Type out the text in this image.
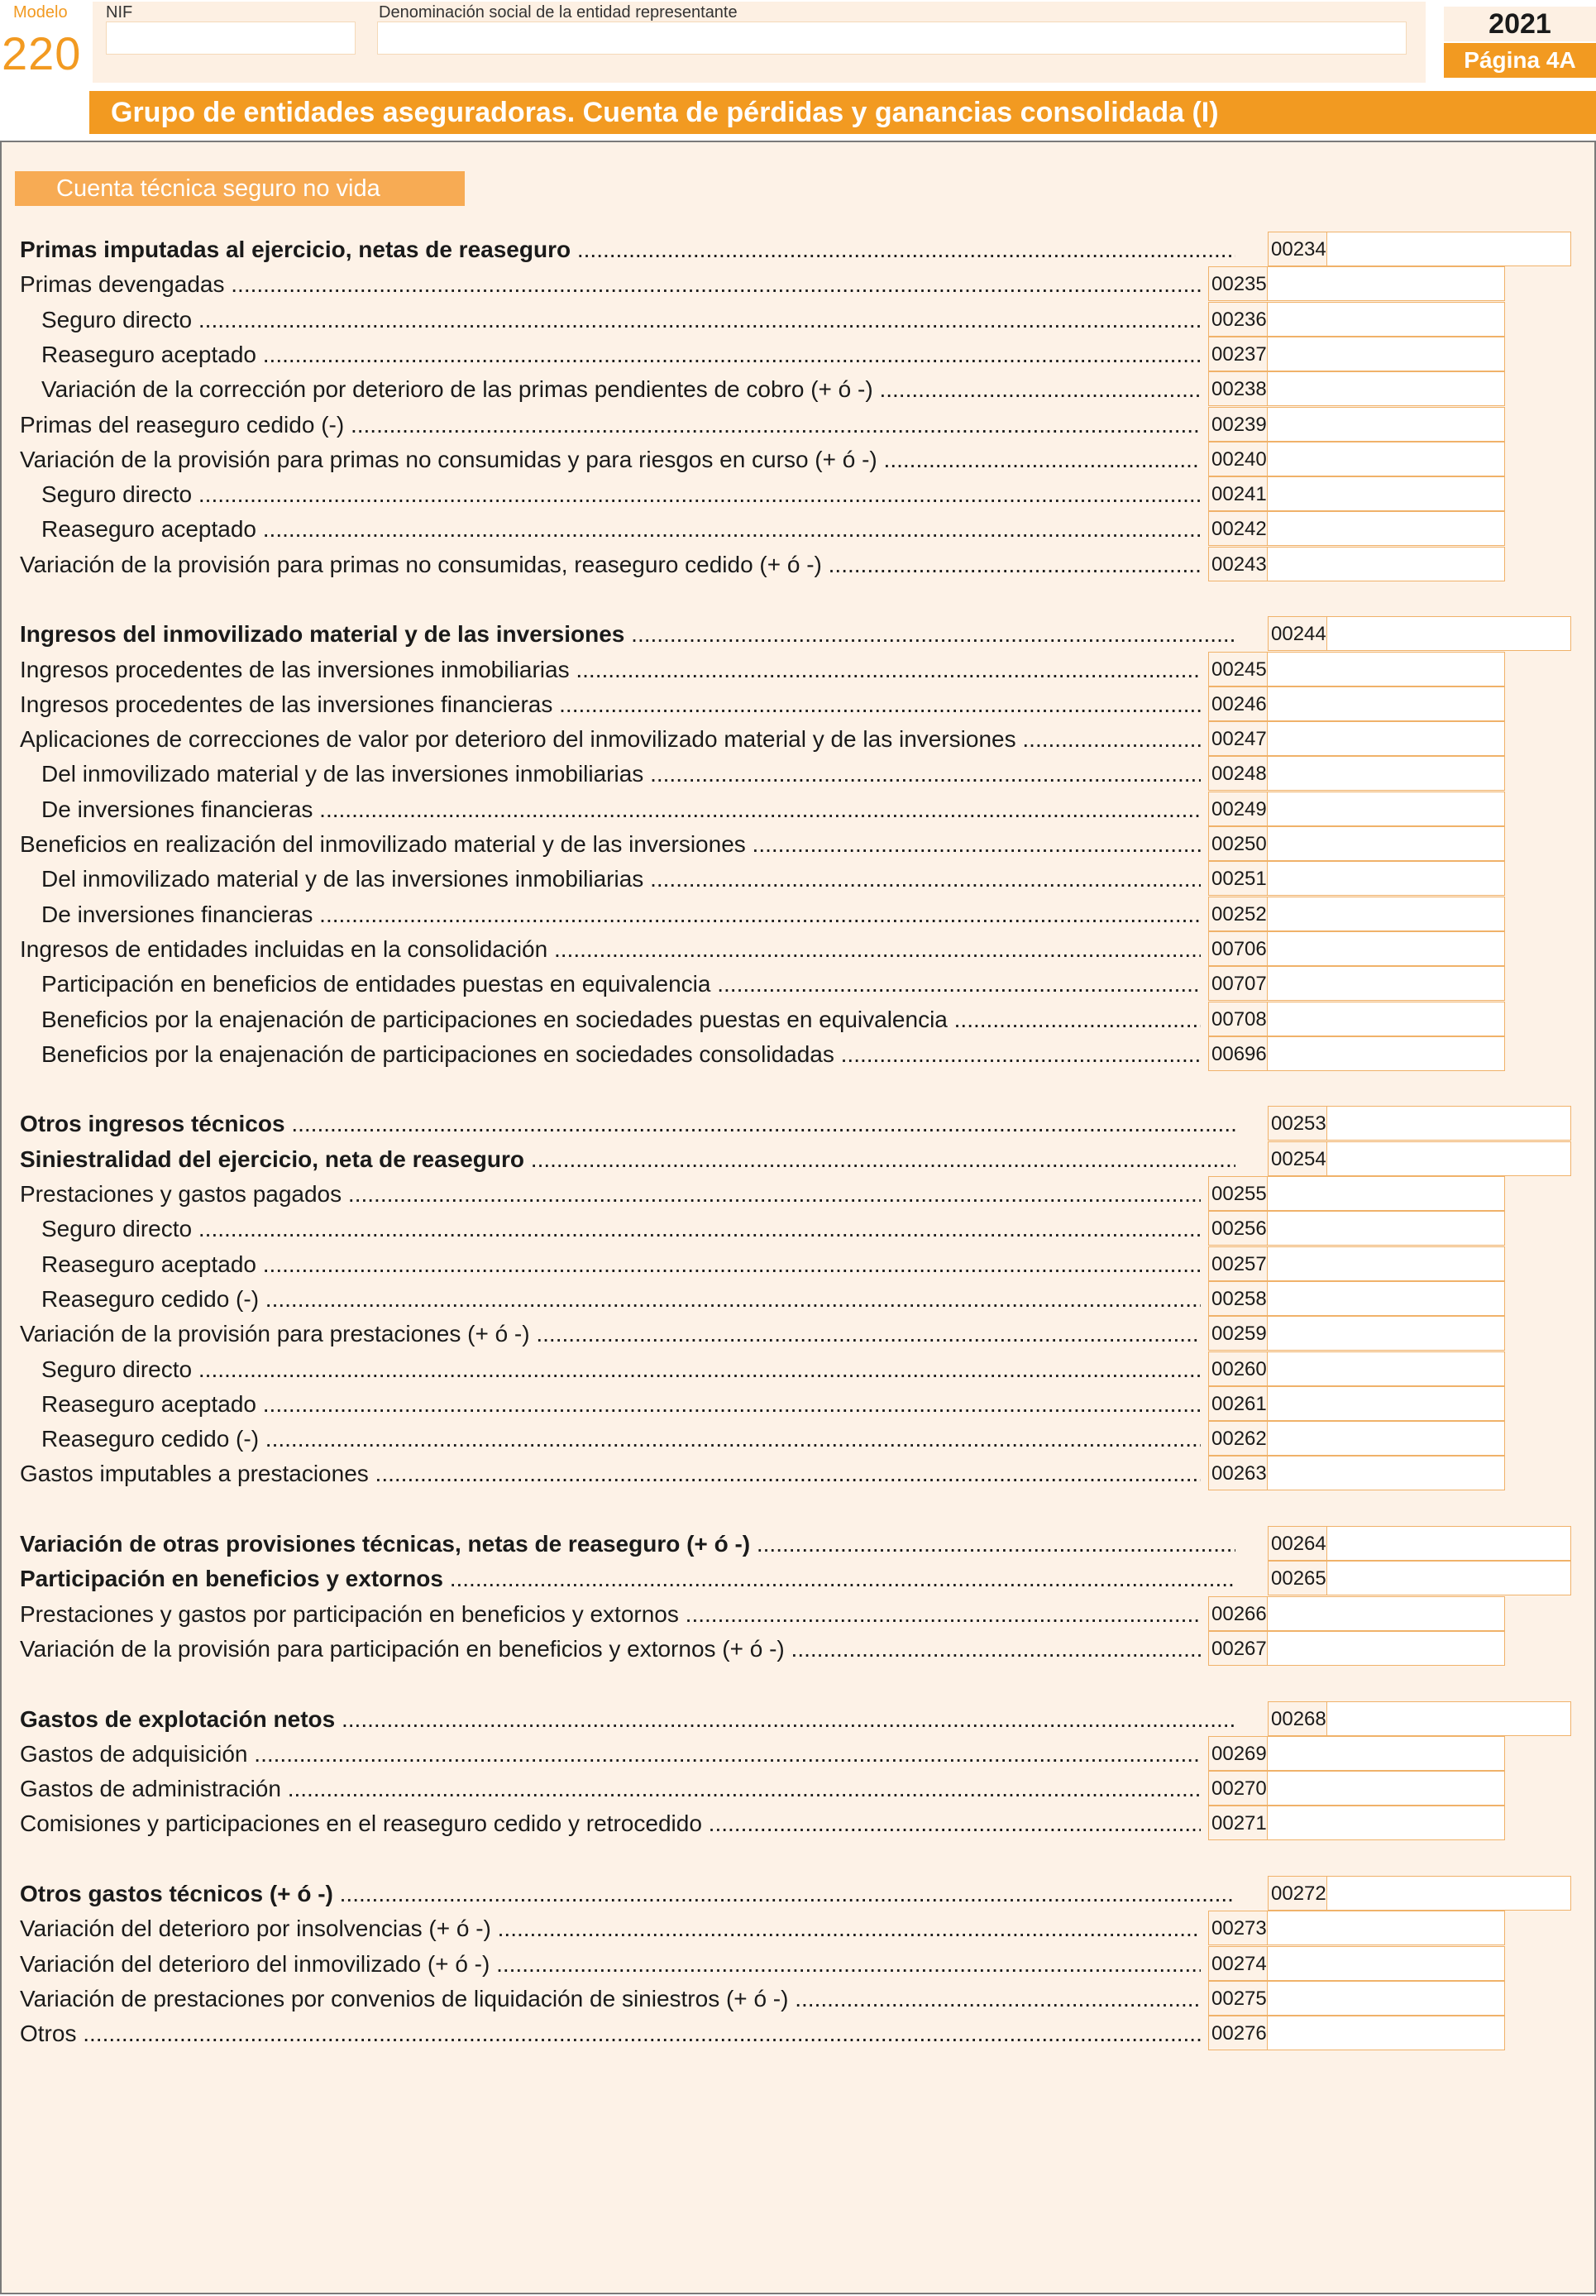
Modelo
220
NIF	Denominación social de la entidad representante	2021
Página 4A
Grupo de entidades aseguradoras. Cuenta de pérdidas y ganancias consolidada (I)
Cuenta técnica seguro no vida
Primas imputadas al ejercicio, netas de reaseguro .....	00234
Primas devengadas .....	00235
Seguro directo .....	00236
Reaseguro aceptado .....	00237
Variación de la corrección por deterioro de las primas pendientes de cobro (+ ó -) .....	00238
Primas del reaseguro cedido (-) .....	00239
Variación de la provisión para primas no consumidas y para riesgos en curso (+ ó -) .....	00240
Seguro directo .....	00241
Reaseguro aceptado .....	00242
Variación de la provisión para primas no consumidas, reaseguro cedido (+ ó -) .....	00243
Ingresos del inmovilizado material y de las inversiones .....	00244
Ingresos procedentes de las inversiones inmobiliarias .....	00245
Ingresos procedentes de las inversiones financieras .....	00246
Aplicaciones de correcciones de valor por deterioro del inmovilizado material y de las inversiones .....	00247
Del inmovilizado material y de las inversiones inmobiliarias .....	00248
De inversiones financieras .....	00249
Beneficios en realización del inmovilizado material y de las inversiones .....	00250
Del inmovilizado material y de las inversiones inmobiliarias .....	00251
De inversiones financieras .....	00252
Ingresos de entidades incluidas en la consolidación .....	00706
Participación en beneficios de entidades puestas en equivalencia .....	00707
Beneficios por la enajenación de participaciones en sociedades puestas en equivalencia .....	00708
Beneficios por la enajenación de participaciones en sociedades consolidadas .....	00696
Otros ingresos técnicos .....	00253
Siniestralidad del ejercicio, neta de reaseguro .....	00254
Prestaciones y gastos pagados .....	00255
Seguro directo .....	00256
Reaseguro aceptado .....	00257
Reaseguro cedido (-) .....	00258
Variación de la provisión para prestaciones (+ ó -) .....	00259
Seguro directo .....	00260
Reaseguro aceptado .....	00261
Reaseguro cedido (-) .....	00262
Gastos imputables a prestaciones .....	00263
Variación de otras provisiones técnicas, netas de reaseguro (+ ó -) .....	00264
Participación en beneficios y extornos .....	00265
Prestaciones y gastos por participación en beneficios y extornos .....	00266
Variación de la provisión para participación en beneficios y extornos (+ ó -) .....	00267
Gastos de explotación netos .....	00268
Gastos de adquisición .....	00269
Gastos de administración .....	00270
Comisiones y participaciones en el reaseguro cedido y retrocedido .....	00271
Otros gastos técnicos (+ ó -) .....	00272
Variación del deterioro por insolvencias (+ ó -) .....	00273
Variación del deterioro del inmovilizado (+ ó -) .....	00274
Variación de prestaciones por convenios de liquidación de siniestros (+ ó -) .....	00275
Otros .....	00276
